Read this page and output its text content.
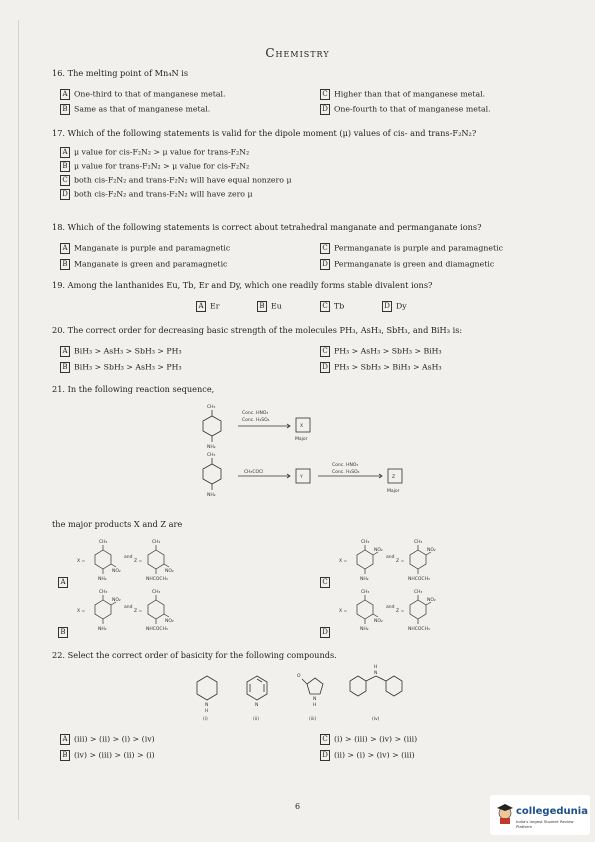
Chemistry
16. The melting point of Mn₄N is
A One-third to that of manganese metal.	C Higher than that of manganese metal.
B Same as that of manganese metal.	D One-fourth to that of manganese metal.
17. Which of the following statements is valid for the dipole moment (μ) values of cis- and trans-F₂N₂?
A μ value for cis-F₂N₂ > μ value for trans-F₂N₂
B μ value for trans-F₂N₂ > μ value for cis-F₂N₂
C both cis-F₂N₂ and trans-F₂N₂ will have equal nonzero μ
D both cis-F₂N₂ and trans-F₂N₂ will have zero μ
18. Which of the following statements is correct about tetrahedral manganate and permanganate ions?
A Manganate is purple and paramagnetic	C Permanganate is purple and paramagnetic
B Manganate is green and paramagnetic	D Permanganate is green and diamagnetic
19. Among the lanthanides Eu, Tb, Er and Dy, which one readily forms stable divalent ions?
A Er	B Eu	C Tb	D Dy
20. The correct order for decreasing basic strength of the molecules PH₃, AsH₃, SbH₃, and BiH₃ is:
A BiH₃ > AsH₃ > SbH₃ > PH₃	C PH₃ > AsH₃ > SbH₃ > BiH₃
B BiH₃ > SbH₃ > AsH₃ > PH₃	D PH₃ > SbH₃ > BiH₃ > AsH₃
21. In the following reaction sequence,
CH₃
NH₂
Conc. HNO₃
Conc. H₂SO₄
X
Major
CH₃
NH₂
CH₃COCl
Y
Conc. HNO₃
Conc. H₂SO₄
Z
Major
the major products X and Z are
X =
CH₃
NH₂
NO₂
and
Z =
CH₃
NHCOCH₃
NO₂
A
X =
CH₃
NH₂
NO₂
and
Z =
CH₃
NHCOCH₃
NO₂
B
X =
CH₃
NH₂
NO₂
and
Z =
CH₃
NHCOCH₃
NO₂
C
X =
CH₃
NH₂
NO₂
and
Z =
CH₃
NHCOCH₃
NO₂
D
22. Select the correct order of basicity for the following compounds.
N
H
N
N
H
O
N
H
(i)	(ii)	(iii)	(iv)
A (iii) > (ii) > (i) > (iv)	C (i) > (iii) > (iv) > (iii)
B (iv) > (iii) > (ii) > (i)	D (ii) > (i) > (iv) > (iii)
6	collegedunia
India's largest Student Review Platform
